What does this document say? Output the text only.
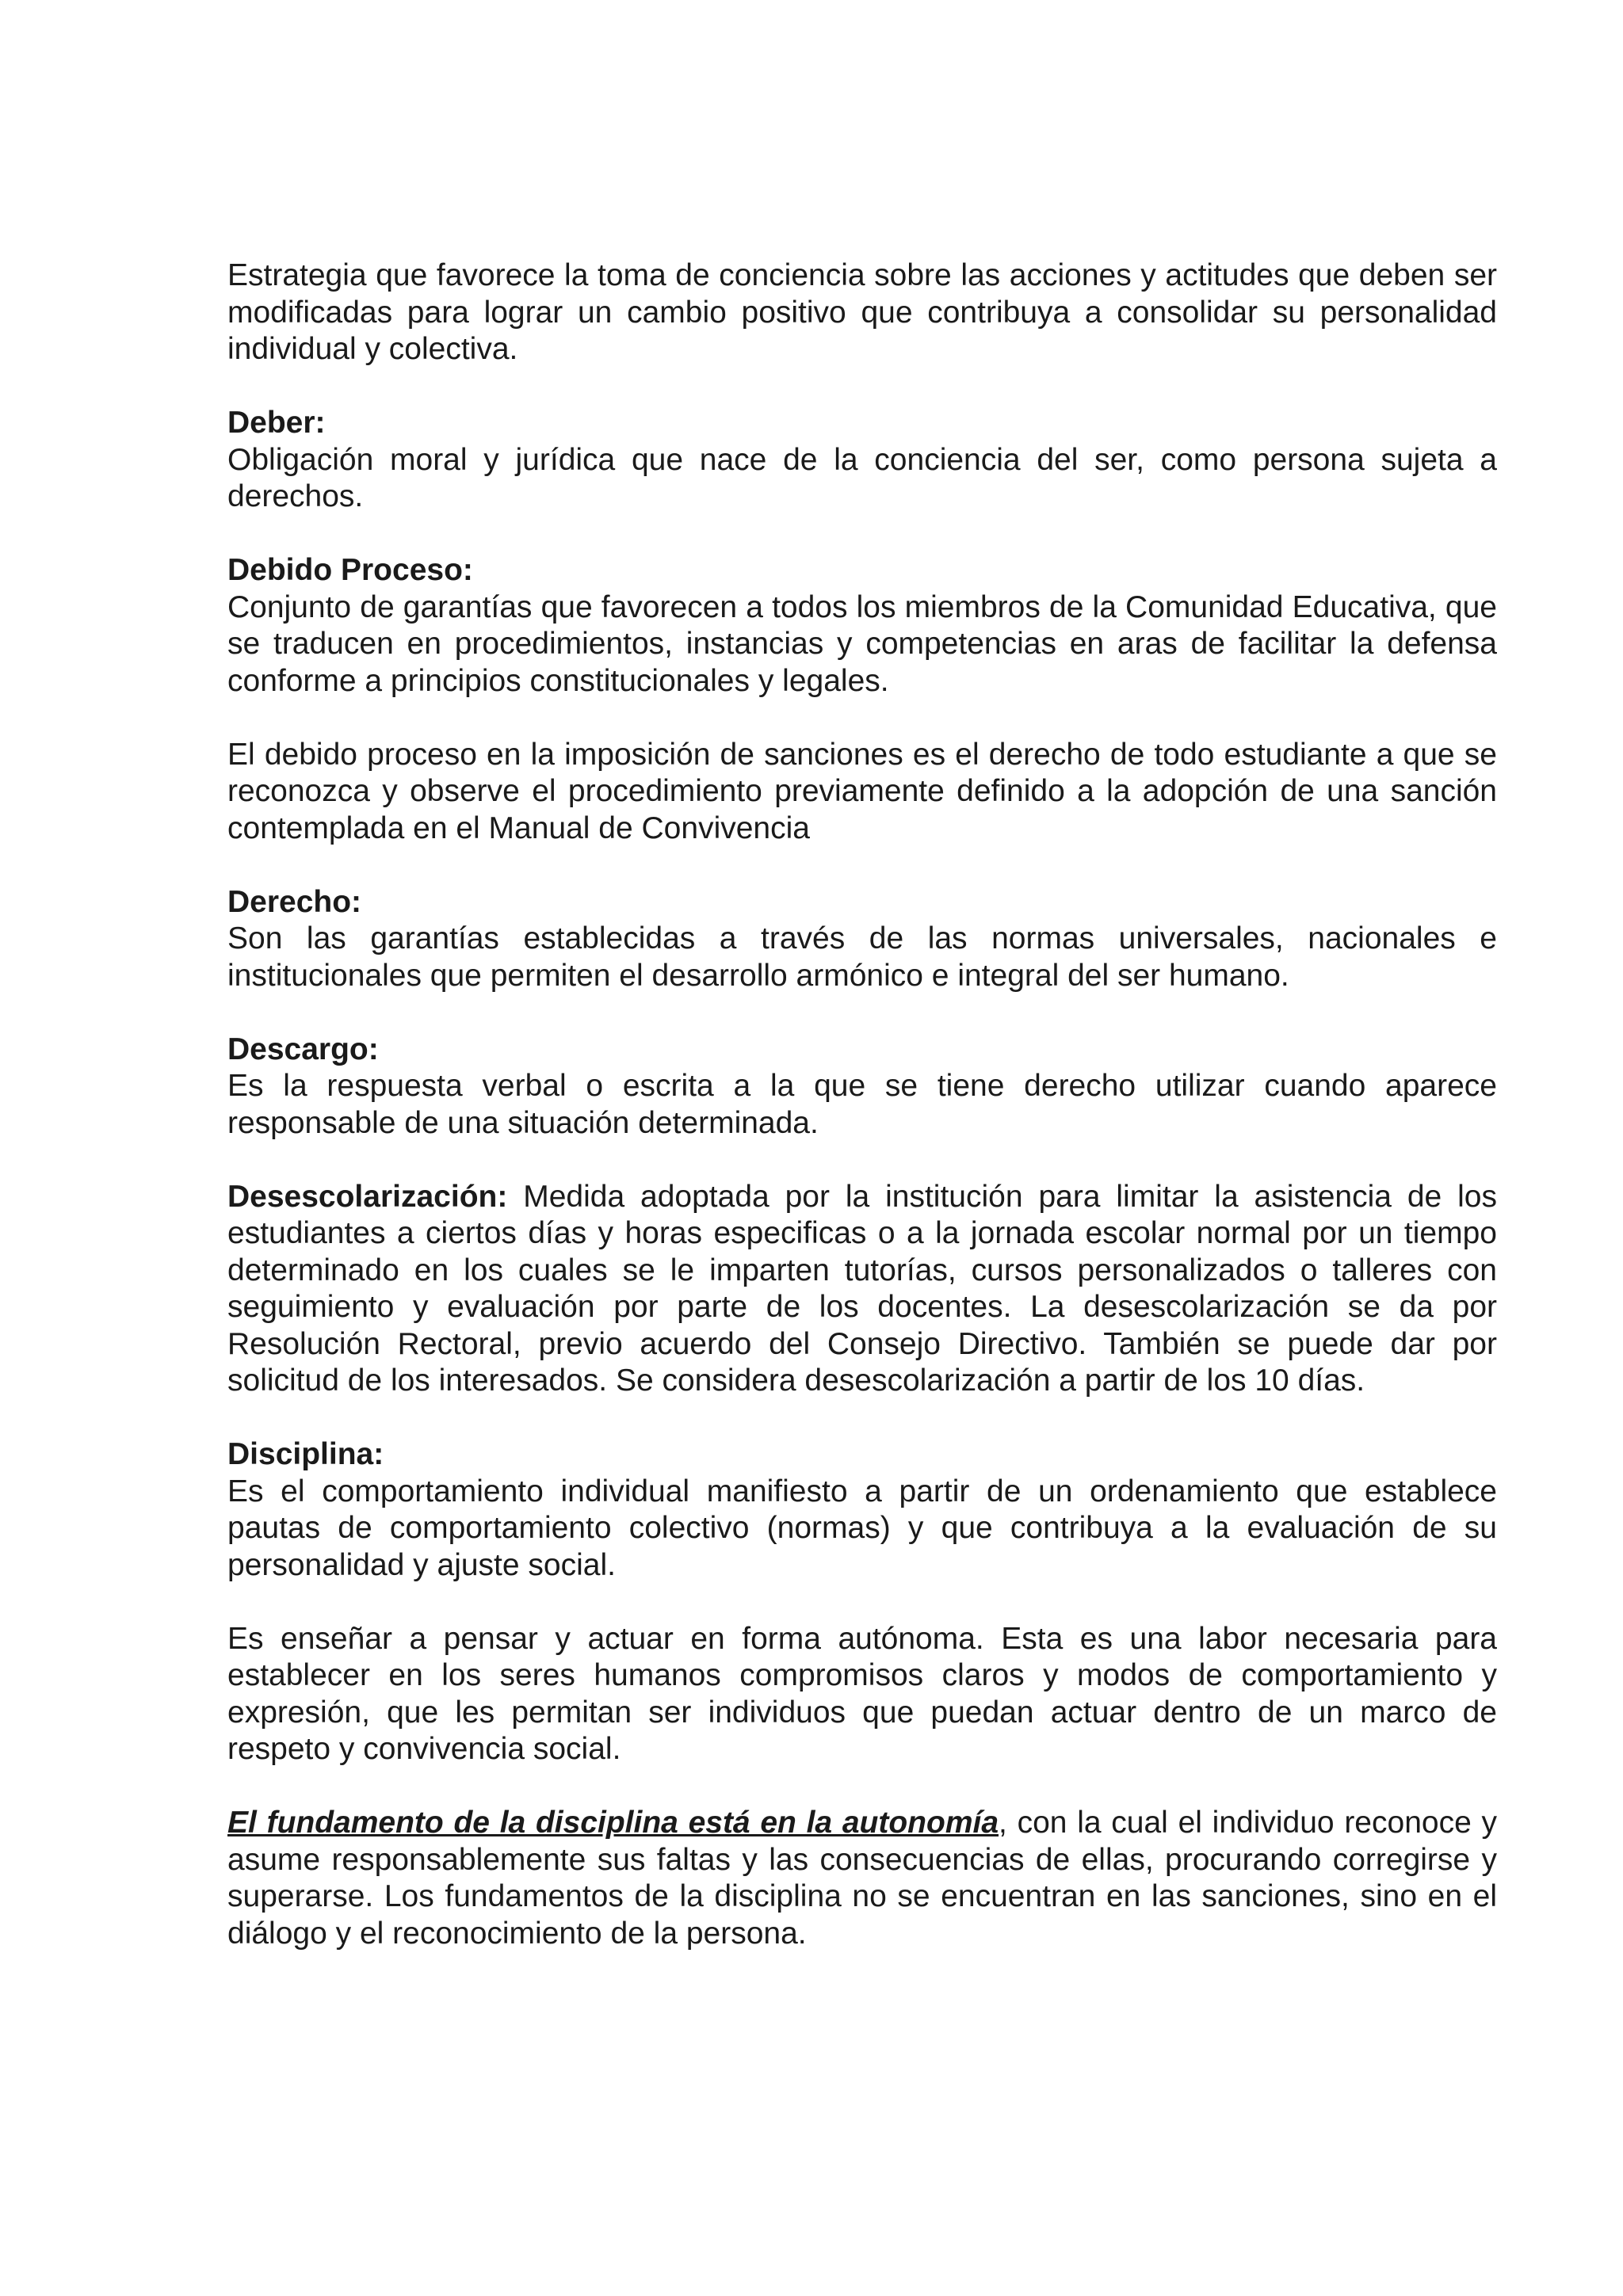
Estrategia que favorece la toma de conciencia sobre las acciones y actitudes que deben ser modificadas para lograr un cambio positivo que contribuya a consolidar su personalidad individual y colectiva.

Deber:
Obligación moral y jurídica que nace de la conciencia del ser, como persona sujeta a derechos.
Debido Proceso:
Conjunto de garantías que favorecen a todos los miembros de la Comunidad Educativa, que se traducen en procedimientos, instancias y competencias en aras de facilitar la defensa conforme a principios constitucionales y legales.

El debido proceso en la imposición de sanciones es el derecho de todo estudiante a que se reconozca y observe el procedimiento previamente definido a la adopción de una sanción contemplada en el Manual de Convivencia

Derecho:
Son las garantías establecidas a través de las normas universales, nacionales e institucionales que permiten el desarrollo armónico e integral del ser humano.
Descargo:
Es la respuesta verbal o escrita a la que se tiene derecho utilizar cuando aparece responsable de una situación determinada.

Desescolarización: Medida adoptada por la institución para limitar la asistencia de los estudiantes a ciertos días y horas especificas o a la jornada escolar normal por un tiempo determinado en los cuales se le imparten tutorías, cursos personalizados o talleres con seguimiento y evaluación por parte de los docentes. La desescolarización se da por Resolución Rectoral, previo acuerdo del Consejo Directivo. También se puede dar por solicitud de los interesados. Se considera desescolarización a partir de los 10 días.

Disciplina:
Es el comportamiento individual manifiesto a partir de un ordenamiento que establece pautas de comportamiento colectivo (normas) y que contribuya a la evaluación de su personalidad y ajuste social.

Es enseñar a pensar y actuar en forma autónoma. Esta es una labor necesaria para establecer en los seres humanos compromisos claros y modos de comportamiento y expresión, que les permitan ser individuos que puedan actuar dentro de un marco de respeto y convivencia social.

El fundamento de la disciplina está en la autonomía, con la cual el individuo reconoce y asume responsablemente sus faltas y las consecuencias de ellas, procurando corregirse y superarse. Los fundamentos de la disciplina no se encuentran en las sanciones, sino en el diálogo y el reconocimiento de la persona.
